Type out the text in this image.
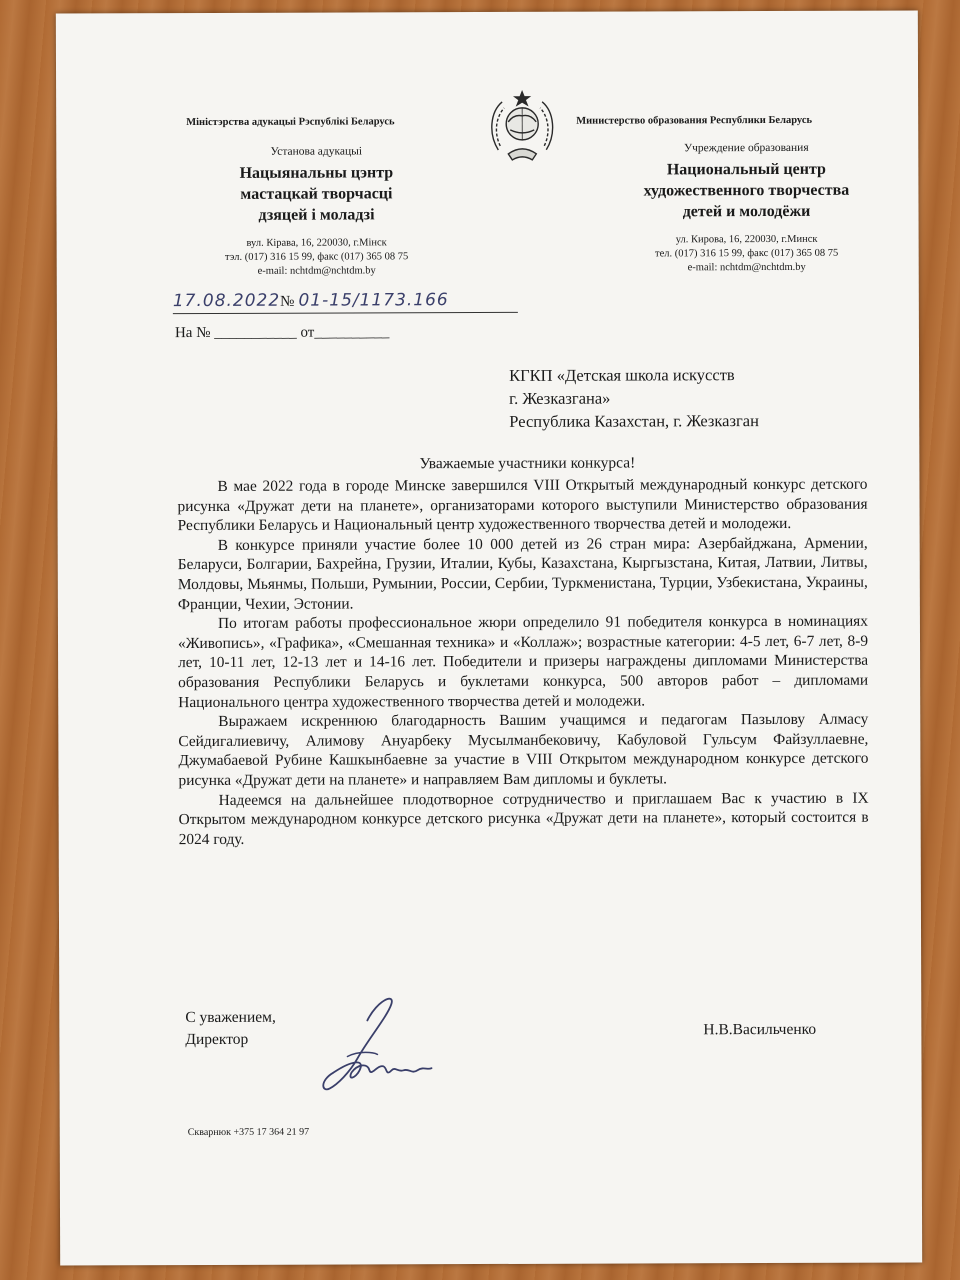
Міністэрства адукацыі Рэспублікі Беларусь
Установа адукацыі
Нацыянальны цэнтр
мастацкай творчасці
дзяцей і моладзі
вул. Кірава, 16, 220030, г.Мінск
тэл. (017) 316 15 99, факс (017) 365 08 75
e-mail: nchtdm@nchtdm.by
Министерство образования Республики Беларусь
Учреждение образования
Национальный центр
художественного творчества
детей и молодёжи
ул. Кирова, 16, 220030, г.Минск
тел. (017) 316 15 99, факс (017) 365 08 75
e-mail: nchtdm@nchtdm.by
17.08.2022№ 01-15/1173.166
На № ___________ от__________
КГКП «Детская школа искусств
г. Жезказгана»
Республика Казахстан, г. Жезказган
Уважаемые участники конкурса!

В мае 2022 года в городе Минске завершился VIII Открытый международный конкурс детского рисунка «Дружат дети на планете», организаторами которого выступили Министерство образования Республики Беларусь и Национальный центр художественного творчества детей и молодежи.

В конкурсе приняли участие более 10 000 детей из 26 стран мира: Азербайджана, Армении, Беларуси, Болгарии, Бахрейна, Грузии, Италии, Кубы, Казахстана, Кыргызстана, Китая, Латвии, Литвы, Молдовы, Мьянмы, Польши, Румынии, России, Сербии, Туркменистана, Турции, Узбекистана, Украины, Франции, Чехии, Эстонии.

По итогам работы профессиональное жюри определило 91 победителя конкурса в номинациях «Живопись», «Графика», «Смешанная техника» и «Коллаж»; возрастные категории: 4-5 лет, 6-7 лет, 8-9 лет, 10-11 лет, 12-13 лет и 14-16 лет. Победители и призеры награждены дипломами Министерства образования Республики Беларусь и буклетами конкурса, 500 авторов работ – дипломами Национального центра художественного творчества детей и молодежи.

Выражаем искреннюю благодарность Вашим учащимся и педагогам Пазылову Алмасу Сейдигалиевичу, Алимову Ануарбеку Мусылманбековичу, Кабуловой Гульсум Файзуллаевне, Джумабаевой Рубине Кашкынбаевне за участие в VIII Открытом международном конкурсе детского рисунка «Дружат дети на планете» и направляем Вам дипломы и буклеты.

Надеемся на дальнейшее плодотворное сотрудничество и приглашаем Вас к участию в IX Открытом международном конкурсе детского рисунка «Дружат дети на планете», который состоится в 2024 году.

С уважением,
Директор
Н.В.Васильченко
Скварнюк +375 17 364 21 97
